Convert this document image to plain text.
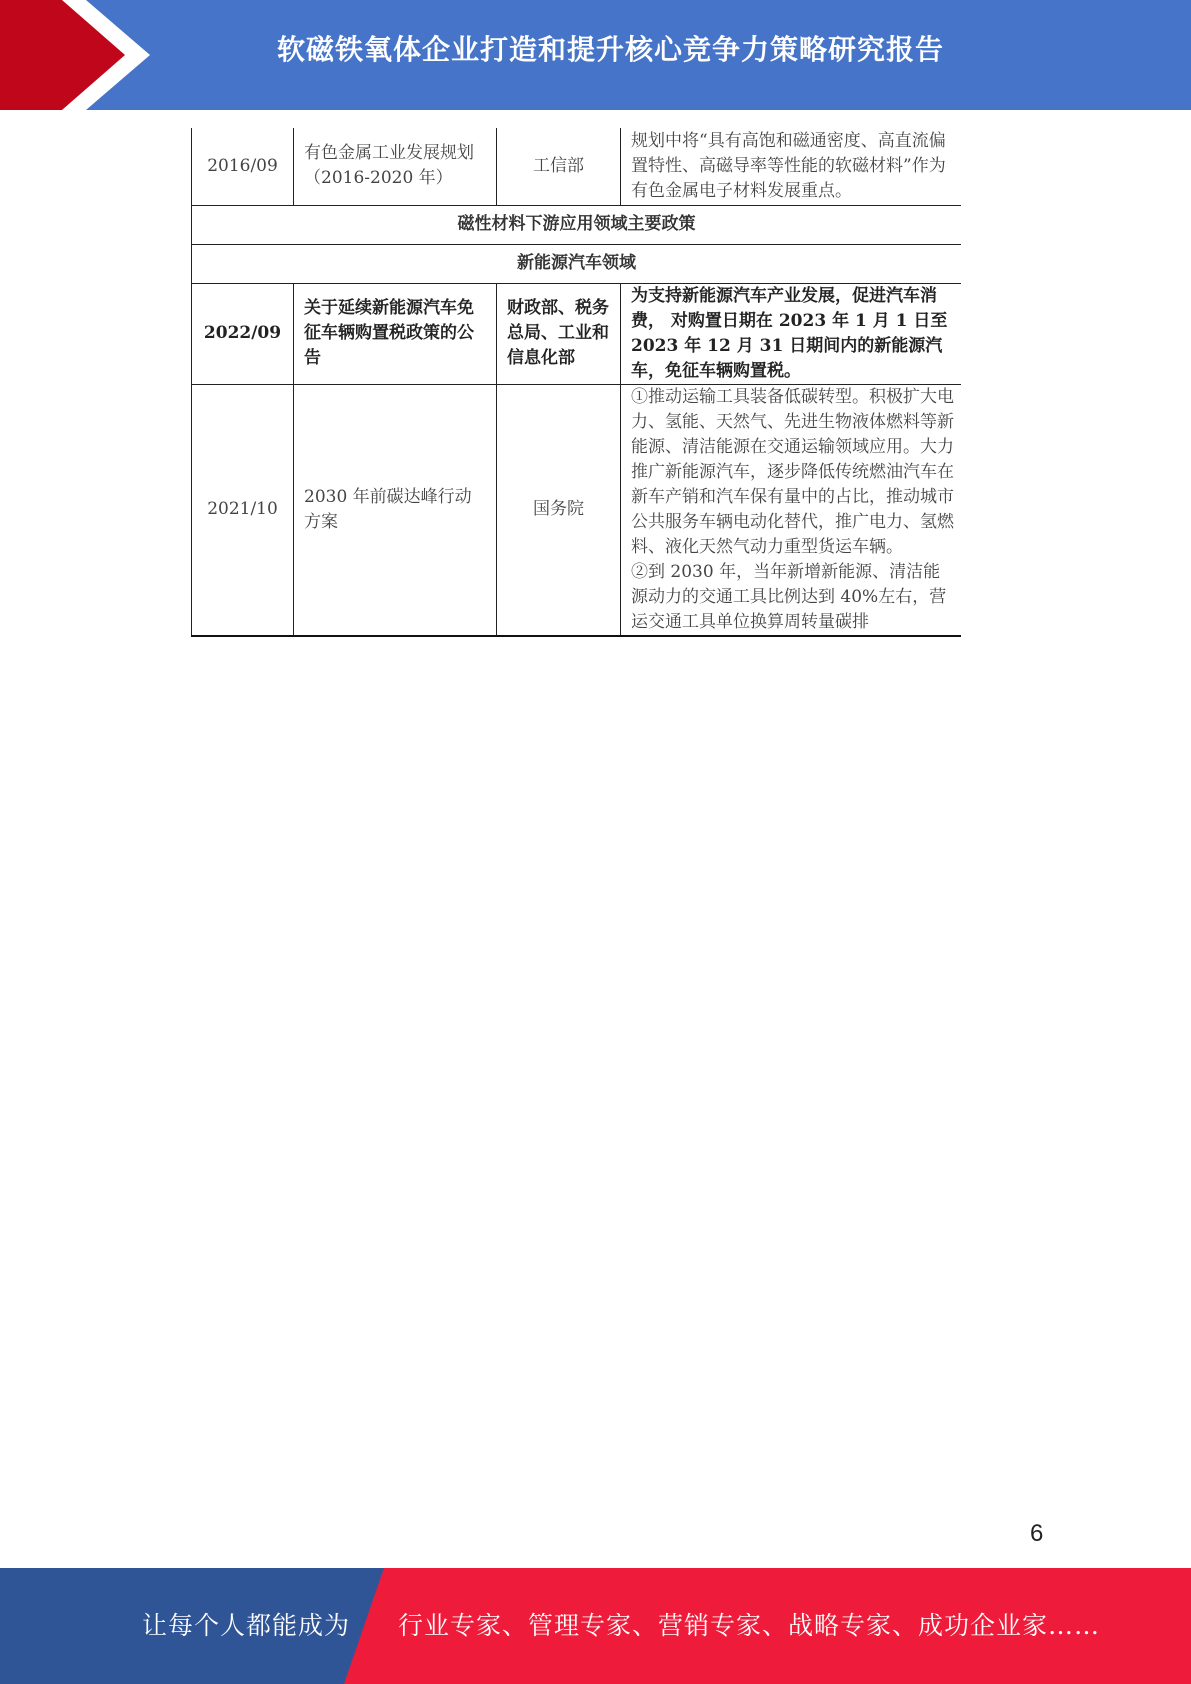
软磁铁氧体企业打造和提升核心竞争力策略研究报告
2016/09	有色金属工业发展规划（2016-2020 年）	工信部	规划中将“具有高饱和磁通密度、高直流偏置特性、高磁导率等性能的软磁材料”作为有色金属电子材料发展重点。
磁性材料下游应用领域主要政策			
新能源汽车领域			
2022/09	关于延续新能源汽车免征车辆购置税政策的公告	财政部、税务总局、工业和信息化部	为支持新能源汽车产业发展，促进汽车消费， 对购置日期在 2023 年 1 月 1 日至 2023 年 12 月 31 日期间内的新能源汽车，免征车辆购置税。
2021/10	2030 年前碳达峰行动方案	国务院	①推动运输工具装备低碳转型。积极扩大电力、氢能、天然气、先进生物液体燃料等新能源、清洁能源在交通运输领域应用。大力推广新能源汽车，逐步降低传统燃油汽车在新车产销和汽车保有量中的占比，推动城市公共服务车辆电动化替代，推广电力、氢燃料、液化天然气动力重型货运车辆。
②到 2030 年，当年新增新能源、清洁能源动力的交通工具比例达到 40%左右，营运交通工具单位换算周转量碳排
6
让每个人都能成为 行业专家、管理专家、营销专家、战略专家、成功企业家……
